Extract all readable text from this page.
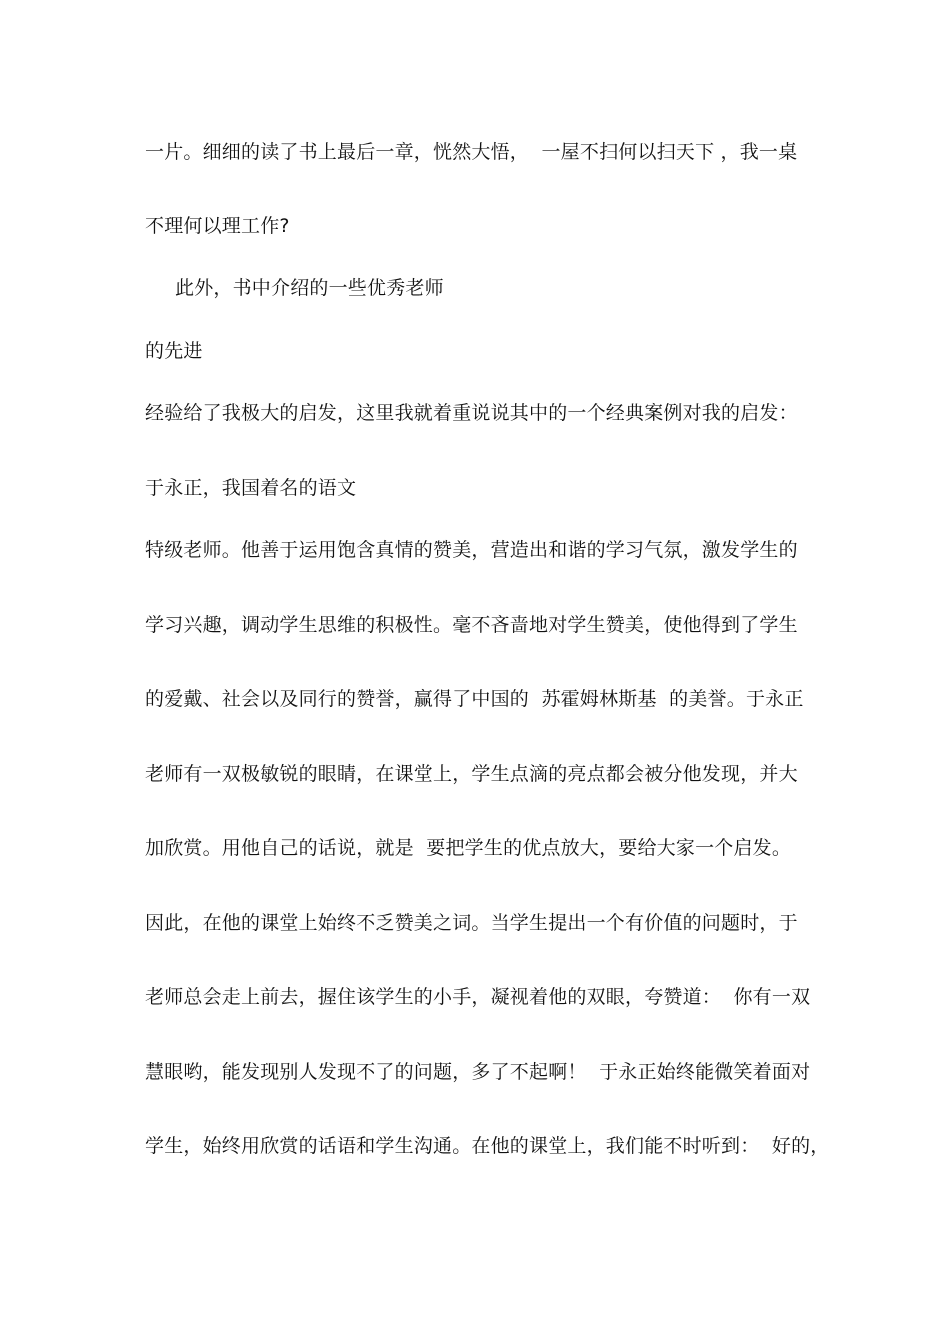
一片。细细的读了书上最后一章，恍然大悟，  一屋不扫何以扫天下 ，我一桌
不理何以理工作?
此外，书中介绍的一些优秀老师
的先进
经验给了我极大的启发，这里我就着重说说其中的一个经典案例对我的启发：
于永正，我国着名的语文
特级老师。他善于运用饱含真情的赞美，营造出和谐的学习气氛，激发学生的
学习兴趣，调动学生思维的积极性。毫不吝啬地对学生赞美，使他得到了学生
的爱戴、社会以及同行的赞誉，赢得了中国的  苏霍姆林斯基  的美誉。于永正
老师有一双极敏锐的眼睛，在课堂上，学生点滴的亮点都会被分他发现，并大
加欣赏。用他自己的话说，就是  要把学生的优点放大，要给大家一个启发。
因此，在他的课堂上始终不乏赞美之词。当学生提出一个有价值的问题时，于
老师总会走上前去，握住该学生的小手，凝视着他的双眼，夸赞道：  你有一双
慧眼哟，能发现别人发现不了的问题，多了不起啊！  于永正始终能微笑着面对
学生，始终用欣赏的话语和学生沟通。在他的课堂上，我们能不时听到：  好的，
